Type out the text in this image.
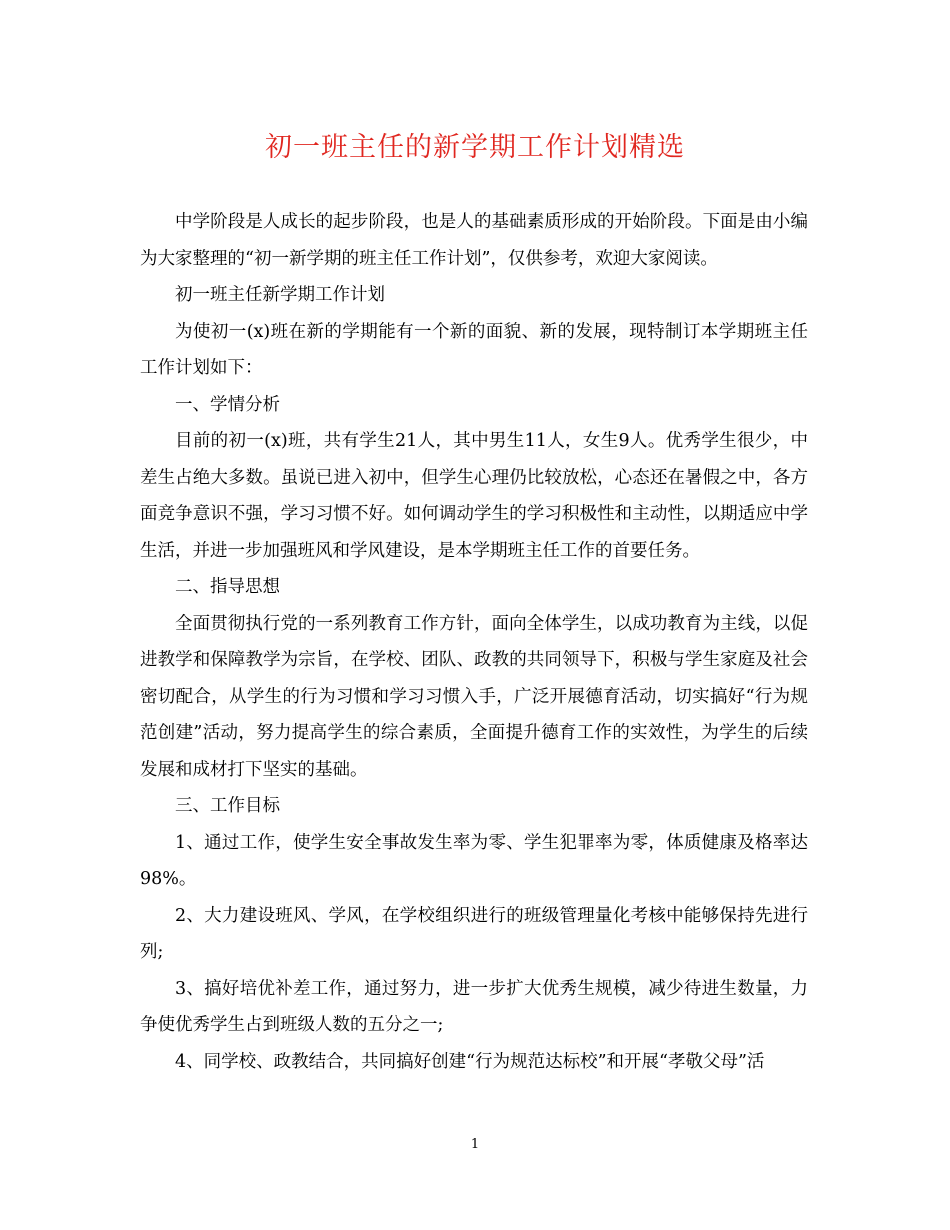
初一班主任的新学期工作计划精选

中学阶段是人成长的起步阶段，也是人的基础素质形成的开始阶段。下面是由小编为大家整理的“初一新学期的班主任工作计划”，仅供参考，欢迎大家阅读。

初一班主任新学期工作计划

为使初一(x)班在新的学期能有一个新的面貌、新的发展，现特制订本学期班主任工作计划如下：

一、学情分析

目前的初一(x)班，共有学生21人，其中男生11人，女生9人。优秀学生很少，中差生占绝大多数。虽说已进入初中，但学生心理仍比较放松，心态还在暑假之中，各方面竞争意识不强，学习习惯不好。如何调动学生的学习积极性和主动性，以期适应中学生活，并进一步加强班风和学风建设，是本学期班主任工作的首要任务。

二、指导思想

全面贯彻执行党的一系列教育工作方针，面向全体学生，以成功教育为主线，以促进教学和保障教学为宗旨，在学校、团队、政教的共同领导下，积极与学生家庭及社会密切配合，从学生的行为习惯和学习习惯入手，广泛开展德育活动，切实搞好“行为规范创建”活动，努力提高学生的综合素质，全面提升德育工作的实效性，为学生的后续发展和成材打下坚实的基础。

三、工作目标

1、通过工作，使学生安全事故发生率为零、学生犯罪率为零，体质健康及格率达98%。

2、大力建设班风、学风，在学校组织进行的班级管理量化考核中能够保持先进行列;

3、搞好培优补差工作，通过努力，进一步扩大优秀生规模，减少待进生数量，力争使优秀学生占到班级人数的五分之一;

4、同学校、政教结合，共同搞好创建“行为规范达标校”和开展“孝敬父母”活

1
